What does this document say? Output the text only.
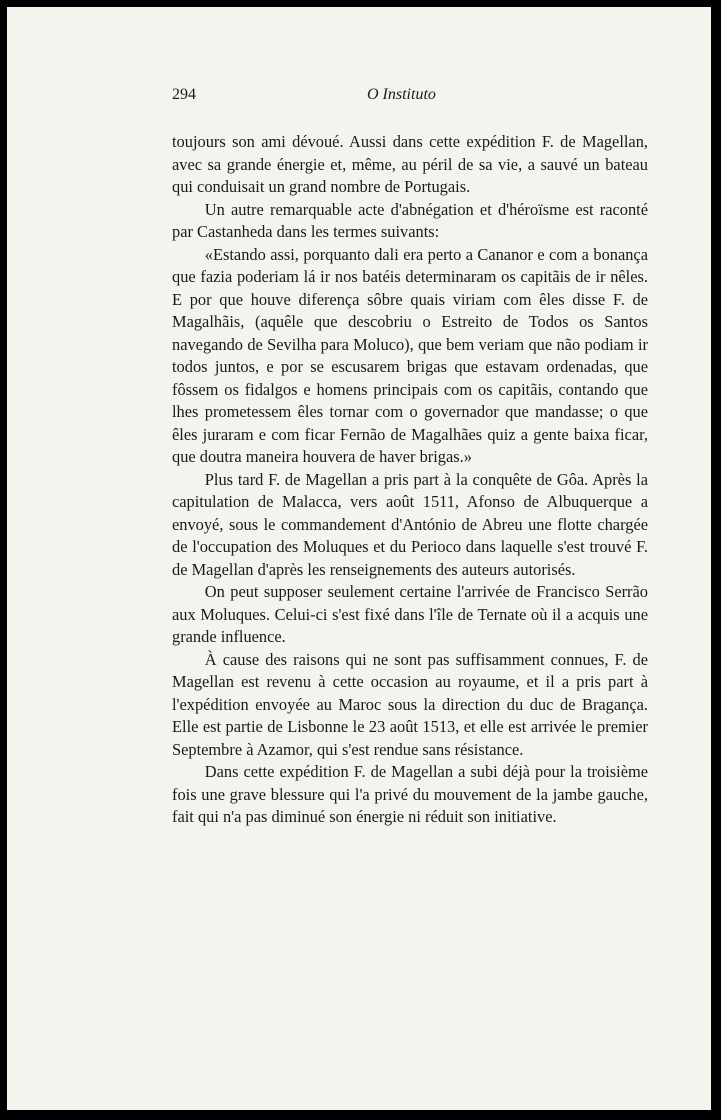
294	O Instituto

toujours son ami dévoué. Aussi dans cette expédition F. de Magellan, avec sa grande énergie et, même, au péril de sa vie, a sauvé un bateau qui conduisait un grand nombre de Portugais.

Un autre remarquable acte d'abnégation et d'héroïsme est raconté par Castanheda dans les termes suivants:

«Estando assi, porquanto dali era perto a Cananor e com a bonança que fazia poderiam lá ir nos batéis determinaram os capitãis de ir nêles. E por que houve diferença sôbre quais viriam com êles disse F. de Magalhãis, (aquêle que descobriu o Estreito de Todos os Santos navegando de Sevilha para Moluco), que bem veriam que não podiam ir todos juntos, e por se escusarem brigas que estavam ordenadas, que fôssem os fidalgos e homens principais com os capitãis, contando que lhes prometessem êles tornar com o governador que mandasse; o que êles juraram e com ficar Fernão de Magalhães quiz a gente baixa ficar, que doutra maneira houvera de haver brigas.»

Plus tard F. de Magellan a pris part à la conquête de Gôa. Après la capitulation de Malacca, vers août 1511, Afonso de Albuquerque a envoyé, sous le commandement d'António de Abreu une flotte chargée de l'occupation des Moluques et du Perioco dans laquelle s'est trouvé F. de Magellan d'après les renseignements des auteurs autorisés.

On peut supposer seulement certaine l'arrivée de Francisco Serrão aux Moluques. Celui-ci s'est fixé dans l'île de Ternate où il a acquis une grande influence.

À cause des raisons qui ne sont pas suffisamment connues, F. de Magellan est revenu à cette occasion au royaume, et il a pris part à l'expédition envoyée au Maroc sous la direction du duc de Bragança. Elle est partie de Lisbonne le 23 août 1513, et elle est arrivée le premier Septembre à Azamor, qui s'est rendue sans résistance.

Dans cette expédition F. de Magellan a subi déjà pour la troisième fois une grave blessure qui l'a privé du mouvement de la jambe gauche, fait qui n'a pas diminué son énergie ni réduit son initiative.
